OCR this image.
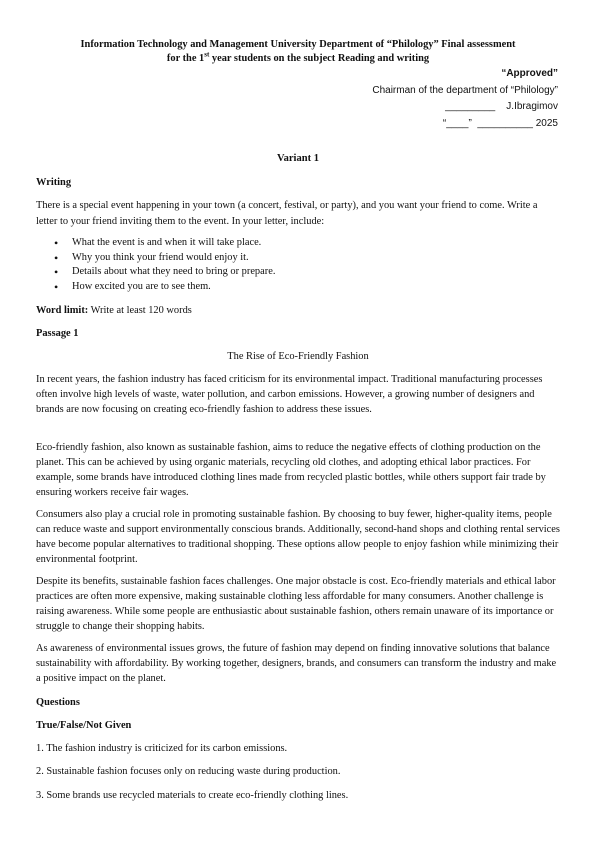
Information Technology and Management University Department of “Philology” Final assessment
for the 1st year students on the subject Reading and writing
“Approved”
Chairman of the department of “Philology”
_________    J.Ibragimov
“____”  __________ 2025
Variant 1
Writing

There is a special event happening in your town (a concert, festival, or party), and you want your friend to come. Write a letter to your friend inviting them to the event. In your letter, include:

• What the event is and when it will take place.
• Why you think your friend would enjoy it.
• Details about what they need to bring or prepare.
• How excited you are to see them.
Word limit: Write at least 120 words
Passage 1
The Rise of Eco-Friendly Fashion

In recent years, the fashion industry has faced criticism for its environmental impact. Traditional manufacturing processes often involve high levels of waste, water pollution, and carbon emissions. However, a growing number of designers and brands are now focusing on creating eco-friendly fashion to address these issues.

Eco-friendly fashion, also known as sustainable fashion, aims to reduce the negative effects of clothing production on the planet. This can be achieved by using organic materials, recycling old clothes, and adopting ethical labor practices. For example, some brands have introduced clothing lines made from recycled plastic bottles, while others support fair trade by ensuring workers receive fair wages.

Consumers also play a crucial role in promoting sustainable fashion. By choosing to buy fewer, higher-quality items, people can reduce waste and support environmentally conscious brands. Additionally, second-hand shops and clothing rental services have become popular alternatives to traditional shopping. These options allow people to enjoy fashion while minimizing their environmental footprint.

Despite its benefits, sustainable fashion faces challenges. One major obstacle is cost. Eco-friendly materials and ethical labor practices are often more expensive, making sustainable clothing less affordable for many consumers. Another challenge is raising awareness. While some people are enthusiastic about sustainable fashion, others remain unaware of its importance or struggle to change their shopping habits.

As awareness of environmental issues grows, the future of fashion may depend on finding innovative solutions that balance sustainability with affordability. By working together, designers, brands, and consumers can transform the industry and make a positive impact on the planet.

Questions
True/False/Not Given
1. The fashion industry is criticized for its carbon emissions.
2. Sustainable fashion focuses only on reducing waste during production.
3. Some brands use recycled materials to create eco-friendly clothing lines.
